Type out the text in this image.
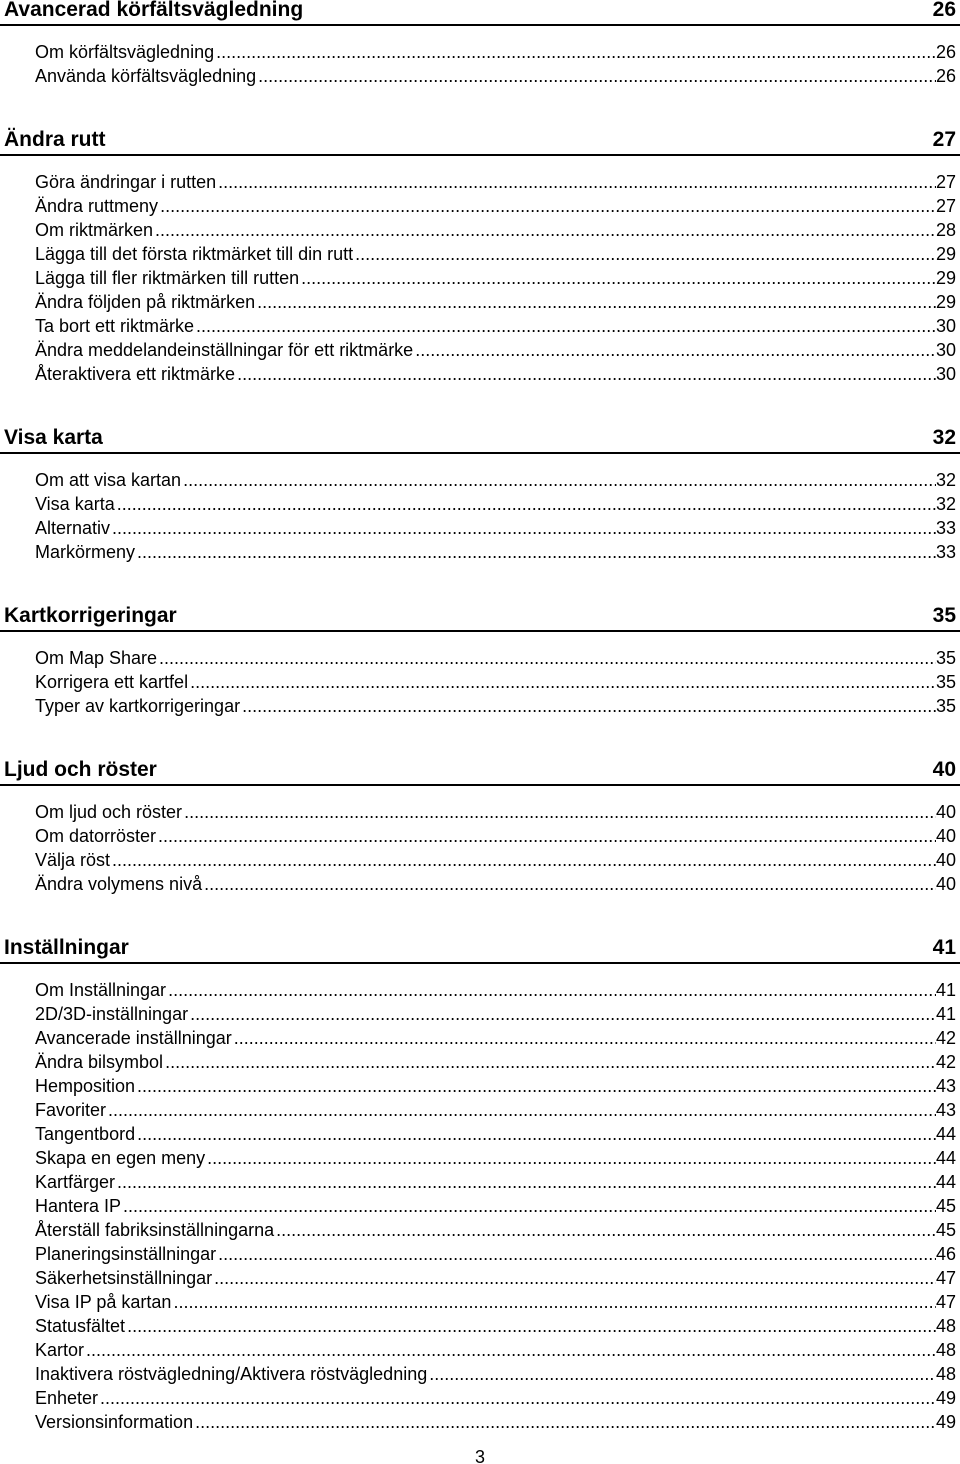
Avancerad körfältsvägledning	26
Om körfältsvägledning .....	26
Använda körfältsvägledning .....	26
Ändra rutt	27
Göra ändringar i rutten .....	27
Ändra ruttmeny .....	27
Om riktmärken .....	28
Lägga till det första riktmärket till din rutt .....	29
Lägga till fler riktmärken till rutten .....	29
Ändra följden på riktmärken .....	29
Ta bort ett riktmärke .....	30
Ändra meddelandeinställningar för ett riktmärke .....	30
Återaktivera ett riktmärke .....	30
Visa karta	32
Om att visa kartan .....	32
Visa karta .....	32
Alternativ .....	33
Markörmeny .....	33
Kartkorrigeringar	35
Om Map Share .....	35
Korrigera ett kartfel .....	35
Typer av kartkorrigeringar .....	35
Ljud och röster	40
Om ljud och röster .....	40
Om datorröster .....	40
Välja röst .....	40
Ändra volymens nivå .....	40
Inställningar	41
Om Inställningar .....	41
2D/3D-inställningar .....	41
Avancerade inställningar .....	42
Ändra bilsymbol .....	42
Hemposition .....	43
Favoriter .....	43
Tangentbord .....	44
Skapa en egen meny .....	44
Kartfärger .....	44
Hantera IP .....	45
Återställ fabriksinställningarna .....	45
Planeringsinställningar .....	46
Säkerhetsinställningar .....	47
Visa IP på kartan .....	47
Statusfältet .....	48
Kartor .....	48
Inaktivera röstvägledning/Aktivera röstvägledning .....	48
Enheter .....	49
Versionsinformation .....	49
3
